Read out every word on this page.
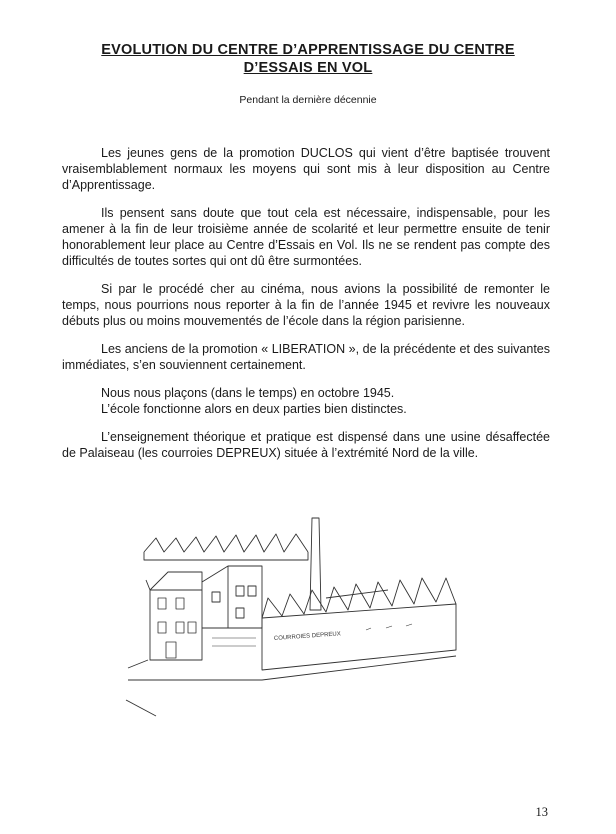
EVOLUTION DU CENTRE D’APPRENTISSAGE DU CENTRE D’ESSAIS EN VOL
Pendant la dernière décennie

Les jeunes gens de la promotion DUCLOS qui vient d’être baptisée trouvent vraisemblablement normaux les moyens qui sont mis à leur disposition au Centre d’Apprentissage.

Ils pensent sans doute que tout cela est nécessaire, indispensable, pour les amener à la fin de leur troisième année de scolarité et leur permettre ensuite de tenir honorablement leur place au Centre d’Essais en Vol. Ils ne se rendent pas compte des difficultés de toutes sortes qui ont dû être surmontées.

Si par le procédé cher au cinéma, nous avions la possibilité de remonter le temps, nous pourrions nous reporter à la fin de l’année 1945 et revivre les nouveaux débuts plus ou moins mouvementés de l’école dans la région parisienne.

Les anciens de la promotion « LIBERATION », de la précédente et des suivantes immédiates, s’en souviennent certainement.

Nous nous plaçons (dans le temps) en octobre 1945.

L’école fonctionne alors en deux parties bien distinctes.

L’enseignement théorique et pratique est dispensé dans une usine désaffectée de Palaiseau (les courroies DEPREUX) située à l’extrémité Nord de la ville.

COURROIES DEPREUX
13
